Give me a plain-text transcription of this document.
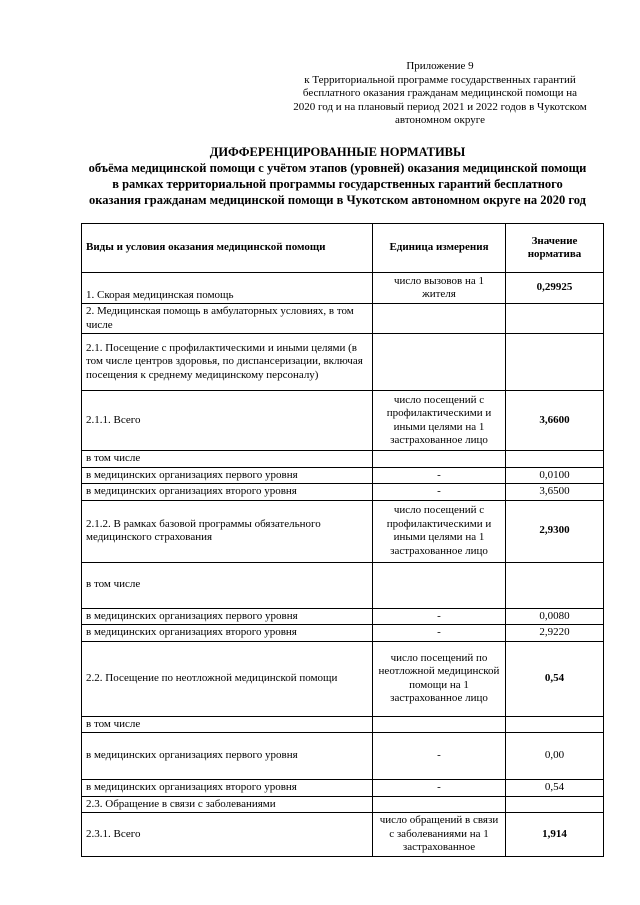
Приложение 9
к Территориальной программе государственных гарантий
бесплатного оказания гражданам медицинской помощи на
2020 год и на плановый период 2021 и 2022 годов в Чукотском
автономном округе
ДИФФЕРЕНЦИРОВАННЫЕ НОРМАТИВЫ
объёма медицинской помощи с учётом этапов (уровней) оказания медицинской помощи
в рамках территориальной программы государственных гарантий бесплатного
оказания гражданам медицинской помощи в Чукотском автономном округе на 2020 год
Виды и условия оказания медицинской помощи	Единица измерения	Значение норматива
1. Скорая медицинская помощь	число вызовов на 1 жителя	0,29925
2. Медицинская помощь в амбулаторных условиях, в том числе		
2.1. Посещение с профилактическими и иными целями (в том числе центров здоровья, по диспансеризации, включая посещения к среднему медицинскому персоналу)		
2.1.1. Всего	число посещений с профилактическими и иными целями на 1 застрахованное лицо	3,6600
в том числе		
в медицинских организациях первого уровня	-	0,0100
в медицинских организациях второго уровня	-	3,6500
2.1.2. В рамках базовой программы обязательного медицинского страхования	число посещений с профилактическими и иными целями на 1 застрахованное лицо	2,9300
в том числе		
в медицинских организациях первого уровня	-	0,0080
в медицинских организациях второго уровня	-	2,9220
2.2. Посещение по неотложной медицинской помощи	число посещений по неотложной медицинской помощи на 1 застрахованное лицо	0,54
в том числе		
в медицинских организациях первого уровня	-	0,00
в медицинских организациях второго уровня	-	0,54
2.3. Обращение в связи с заболеваниями		
2.3.1. Всего	число обращений в связи с заболеваниями на 1 застрахованное	1,914
